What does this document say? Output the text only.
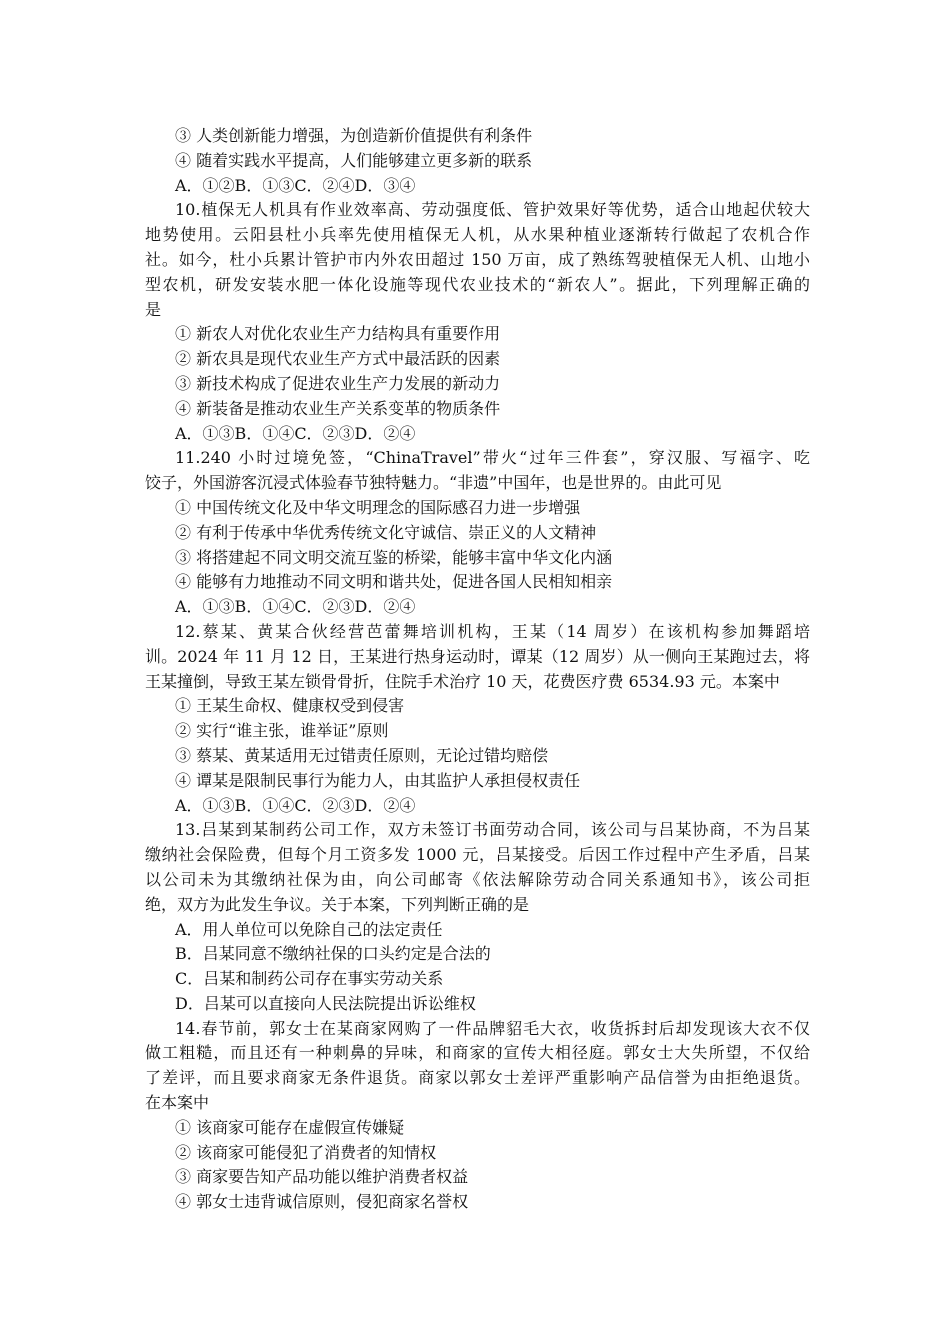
③ 人类创新能力增强，为创造新价值提供有利条件
④ 随着实践水平提高，人们能够建立更多新的联系
A．①②B．①③C．②④D．③④
10.植保无人机具有作业效率高、劳动强度低、管护效果好等优势，适合山地起伏较大
地势使用。云阳县杜小兵率先使用植保无人机，从水果种植业逐渐转行做起了农机合作
社。如今，杜小兵累计管护市内外农田超过 150 万亩，成了熟练驾驶植保无人机、山地小
型农机，研发安装水肥一体化设施等现代农业技术的“新农人”。据此，下列理解正确的
是
① 新农人对优化农业生产力结构具有重要作用
② 新农具是现代农业生产方式中最活跃的因素
③ 新技术构成了促进农业生产力发展的新动力
④ 新装备是推动农业生产关系变革的物质条件
A．①③B．①④C．②③D．②④
11.240 小时过境免签，“ChinaTravel”带火“过年三件套”，穿汉服、写福字、吃
饺子，外国游客沉浸式体验春节独特魅力。“非遗”中国年，也是世界的。由此可见
① 中国传统文化及中华文明理念的国际感召力进一步增强
② 有利于传承中华优秀传统文化守诚信、崇正义的人文精神
③ 将搭建起不同文明交流互鉴的桥梁，能够丰富中华文化内涵
④ 能够有力地推动不同文明和谐共处，促进各国人民相知相亲
A．①③B．①④C．②③D．②④
12.蔡某、黄某合伙经营芭蕾舞培训机构，王某（14 周岁）在该机构参加舞蹈培
训。2024 年 11 月 12 日，王某进行热身运动时，谭某（12 周岁）从一侧向王某跑过去，将
王某撞倒，导致王某左锁骨骨折，住院手术治疗 10 天，花费医疗费 6534.93 元。本案中
① 王某生命权、健康权受到侵害
② 实行“谁主张，谁举证”原则
③ 蔡某、黄某适用无过错责任原则，无论过错均赔偿
④ 谭某是限制民事行为能力人，由其监护人承担侵权责任
A．①③B．①④C．②③D．②④
13.吕某到某制药公司工作，双方未签订书面劳动合同，该公司与吕某协商，不为吕某
缴纳社会保险费，但每个月工资多发 1000 元，吕某接受。后因工作过程中产生矛盾，吕某
以公司未为其缴纳社保为由，向公司邮寄《依法解除劳动合同关系通知书》，该公司拒
绝，双方为此发生争议。关于本案，下列判断正确的是
A．用人单位可以免除自己的法定责任
B．吕某同意不缴纳社保的口头约定是合法的
C．吕某和制药公司存在事实劳动关系
D．吕某可以直接向人民法院提出诉讼维权
14.春节前，郭女士在某商家网购了一件品牌貂毛大衣，收货拆封后却发现该大衣不仅
做工粗糙，而且还有一种刺鼻的异味，和商家的宣传大相径庭。郭女士大失所望，不仅给
了差评，而且要求商家无条件退货。商家以郭女士差评严重影响产品信誉为由拒绝退货。
在本案中
① 该商家可能存在虚假宣传嫌疑
② 该商家可能侵犯了消费者的知情权
③ 商家要告知产品功能以维护消费者权益
④ 郭女士违背诚信原则，侵犯商家名誉权
